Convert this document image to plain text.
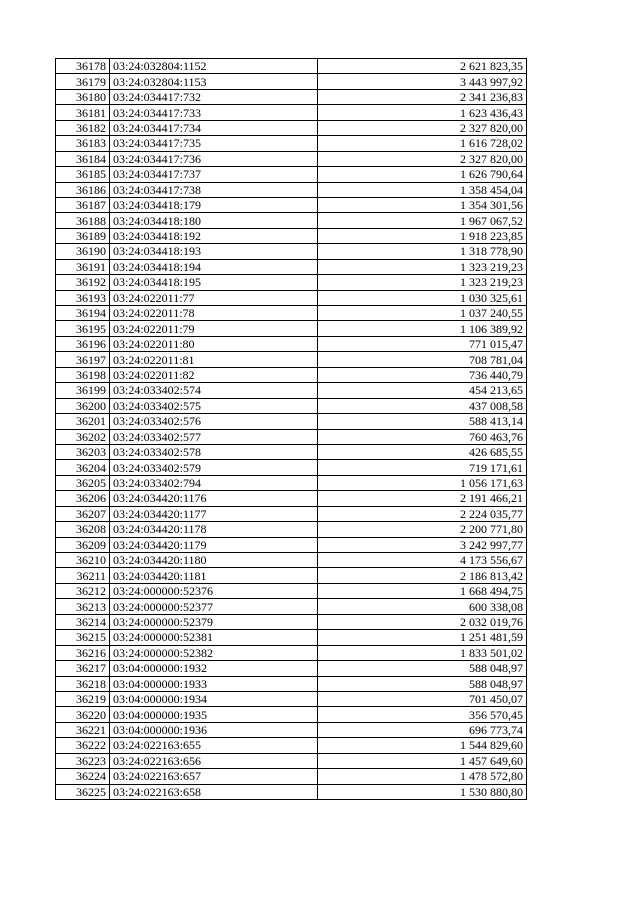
36178	03:24:032804:1152	2 621 823,35
36179	03:24:032804:1153	3 443 997,92
36180	03:24:034417:732	2 341 236,83
36181	03:24:034417:733	1 623 436,43
36182	03:24:034417:734	2 327 820,00
36183	03:24:034417:735	1 616 728,02
36184	03:24:034417:736	2 327 820,00
36185	03:24:034417:737	1 626 790,64
36186	03:24:034417:738	1 358 454,04
36187	03:24:034418:179	1 354 301,56
36188	03:24:034418:180	1 967 067,52
36189	03:24:034418:192	1 918 223,85
36190	03:24:034418:193	1 318 778,90
36191	03:24:034418:194	1 323 219,23
36192	03:24:034418:195	1 323 219,23
36193	03:24:022011:77	1 030 325,61
36194	03:24:022011:78	1 037 240,55
36195	03:24:022011:79	1 106 389,92
36196	03:24:022011:80	771 015,47
36197	03:24:022011:81	708 781,04
36198	03:24:022011:82	736 440,79
36199	03:24:033402:574	454 213,65
36200	03:24:033402:575	437 008,58
36201	03:24:033402:576	588 413,14
36202	03:24:033402:577	760 463,76
36203	03:24:033402:578	426 685,55
36204	03:24:033402:579	719 171,61
36205	03:24:033402:794	1 056 171,63
36206	03:24:034420:1176	2 191 466,21
36207	03:24:034420:1177	2 224 035,77
36208	03:24:034420:1178	2 200 771,80
36209	03:24:034420:1179	3 242 997,77
36210	03:24:034420:1180	4 173 556,67
36211	03:24:034420:1181	2 186 813,42
36212	03:24:000000:52376	1 668 494,75
36213	03:24:000000:52377	600 338,08
36214	03:24:000000:52379	2 032 019,76
36215	03:24:000000:52381	1 251 481,59
36216	03:24:000000:52382	1 833 501,02
36217	03:04:000000:1932	588 048,97
36218	03:04:000000:1933	588 048,97
36219	03:04:000000:1934	701 450,07
36220	03:04:000000:1935	356 570,45
36221	03:04:000000:1936	696 773,74
36222	03:24:022163:655	1 544 829,60
36223	03:24:022163:656	1 457 649,60
36224	03:24:022163:657	1 478 572,80
36225	03:24:022163:658	1 530 880,80
